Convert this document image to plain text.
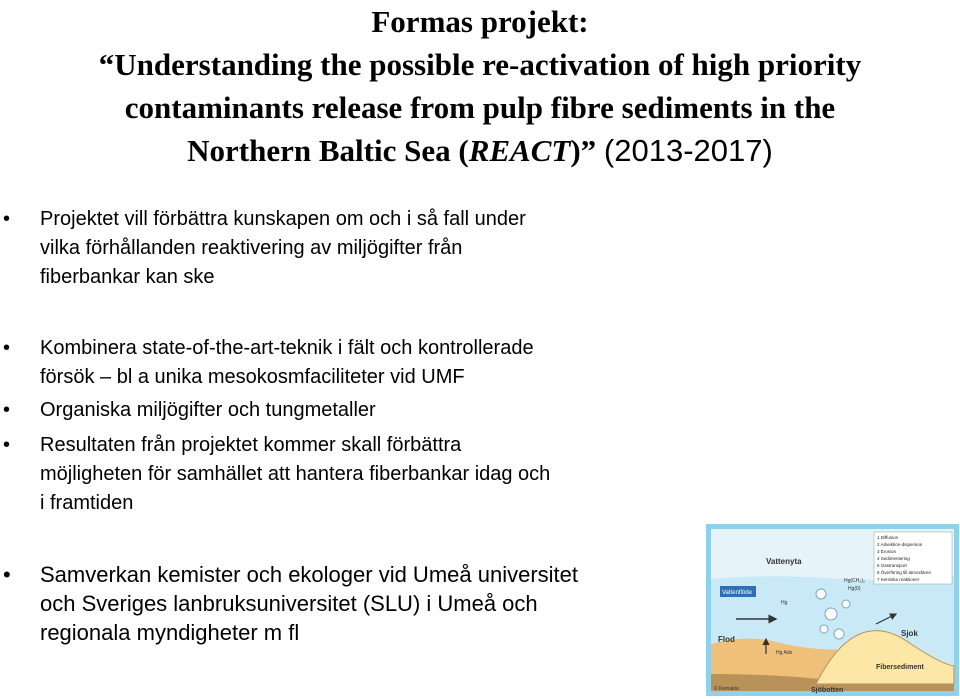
Formas projekt:
“Understanding the possible re-activation of high priority
contaminants release from pulp fibre sediments in the
Northern Baltic Sea (REACT)” (2013-2017)
• Projektet vill förbättra kunskapen om och i så fall under
vilka förhållanden reaktivering av miljögifter från
fiberbankar kan ske
• Kombinera state-of-the-art-teknik i fält och kontrollerade
försök – bl a unika mesokosmfaciliteter vid UMF
• Organiska miljögifter och tungmetaller
• Resultaten från projektet kommer skall förbättra
möjligheten för samhället att hantera fiberbankar idag och
i framtiden
• Samverkan kemister och ekologer vid Umeå universitet
och Sveriges lanbruksuniversitet (SLU) i Umeå och
regionala myndigheter m fl
Vattenflöde
Vattenyta
Flod
Sjok
Fibersediment
Sjöbotten
© Kemakta
Hg(CH₃)₂
Hg(0)
Hg
Hg Ads
1 Diffusion
2 Advektion-dispersion
3 Erosion
4 Sedimentering
5 Gastransport
6 Överföring till atmosfären
7 Kemiska reaktioner
